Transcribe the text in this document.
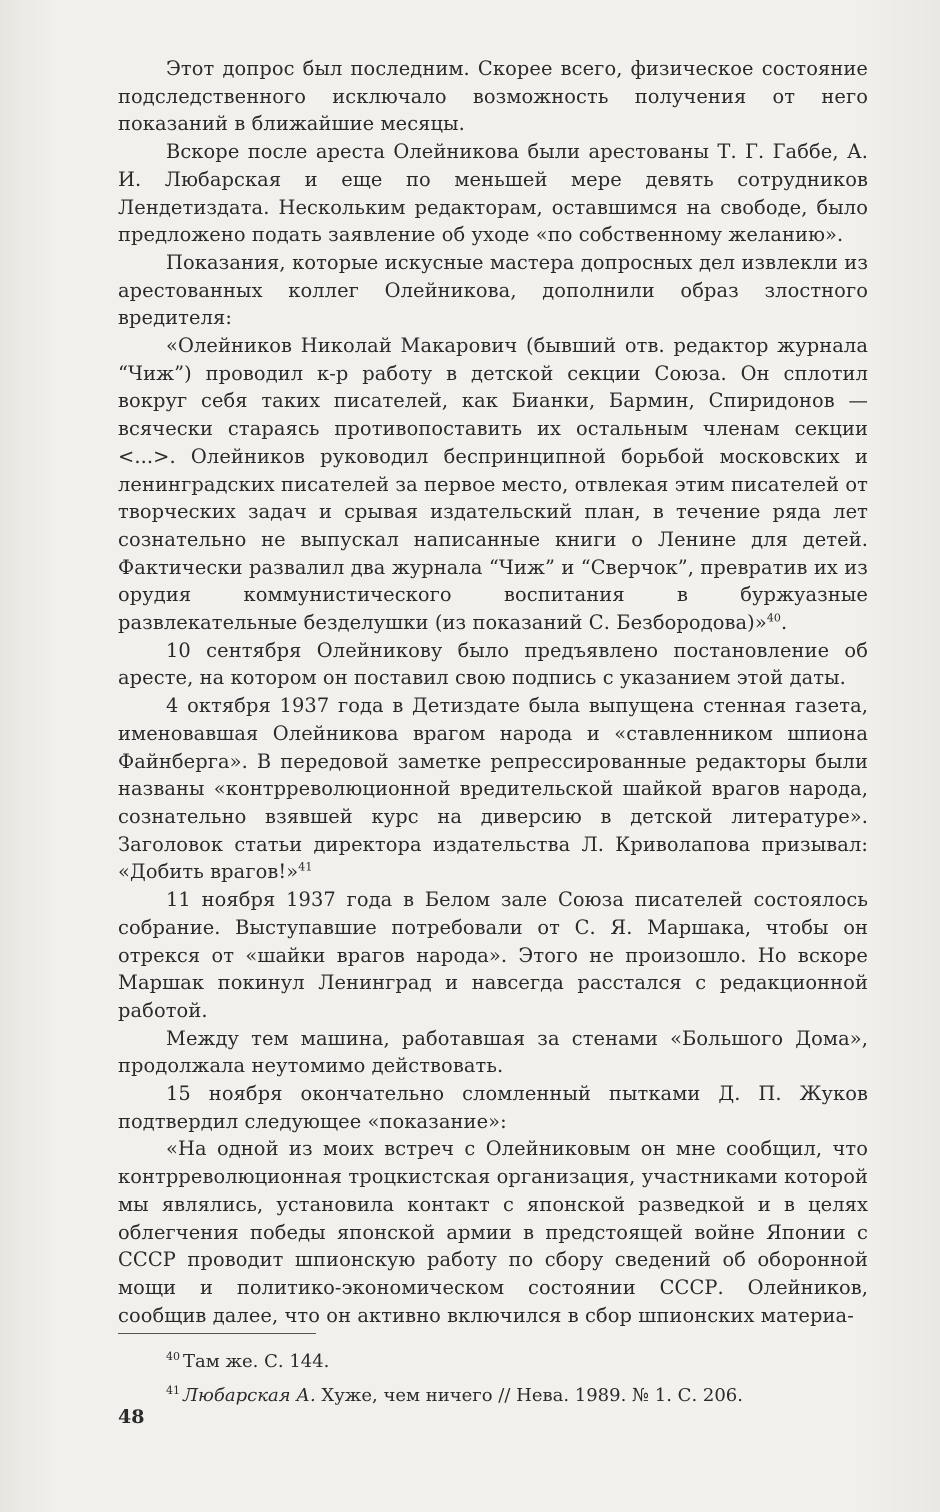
Этот допрос был последним. Скорее всего, физическое состояние подследственного исключало возможность получения от него показаний в ближайшие месяцы.

Вскоре после ареста Олейникова были арестованы Т. Г. Габбе, А. И. Любарская и еще по меньшей мере девять сотрудников Лендетиздата. Нескольким редакторам, оставшимся на свободе, было предложено подать заявление об уходе «по собственному желанию».

Показания, которые искусные мастера допросных дел извлекли из арестованных коллег Олейникова, дополнили образ злостного вредителя:

«Олейников Николай Макарович (бывший отв. редактор журнала “Чиж”) проводил к-р работу в детской секции Союза. Он сплотил вокруг себя таких писателей, как Бианки, Бармин, Спиридонов — всячески стараясь противопоставить их остальным членам секции <...>. Олейников руководил беспринципной борьбой московских и ленинградских писателей за первое место, отвлекая этим писателей от творческих задач и срывая издательский план, в течение ряда лет сознательно не выпускал написанные книги о Ленине для детей. Фактически развалил два журнала “Чиж” и “Сверчок”, превратив их из орудия коммунистического воспитания в буржуазные развлекательные безделушки (из показаний С. Безбородова)»$^{40}$.

10 сентября Олейникову было предъявлено постановление об аресте, на котором он поставил свою подпись с указанием этой даты.

4 октября 1937 года в Детиздате была выпущена стенная газета, именовавшая Олейникова врагом народа и «ставленником шпиона Файнберга». В передовой заметке репрессированные редакторы были названы «контрреволюционной вредительской шайкой врагов народа, сознательно взявшей курс на диверсию в детской литературе». Заголовок статьи директора издательства Л. Криволапова призывал: «Добить врагов!»$^{41}$

11 ноября 1937 года в Белом зале Союза писателей состоялось собрание. Выступавшие потребовали от С. Я. Маршака, чтобы он отрекся от «шайки врагов народа». Этого не произошло. Но вскоре Маршак покинул Ленинград и навсегда расстался с редакционной работой.

Между тем машина, работавшая за стенами «Большого Дома», продолжала неутомимо действовать.

15 ноября окончательно сломленный пытками Д. П. Жуков подтвердил следующее «показание»:

«На одной из моих встреч с Олейниковым он мне сообщил, что контрреволюционная троцкистская организация, участниками которой мы являлись, установила контакт с японской разведкой и в целях облегчения победы японской армии в предстоящей войне Японии с СССР проводит шпионскую работу по сбору сведений об оборонной мощи и политико-экономическом состоянии СССР. Олейников, сообщив далее, что он активно включился в сбор шпионских материа-

$^{40}$ Там же. С. 144.

$^{41}$ Любарская А. Хуже, чем ничего // Нева. 1989. № 1. С. 206.

48
